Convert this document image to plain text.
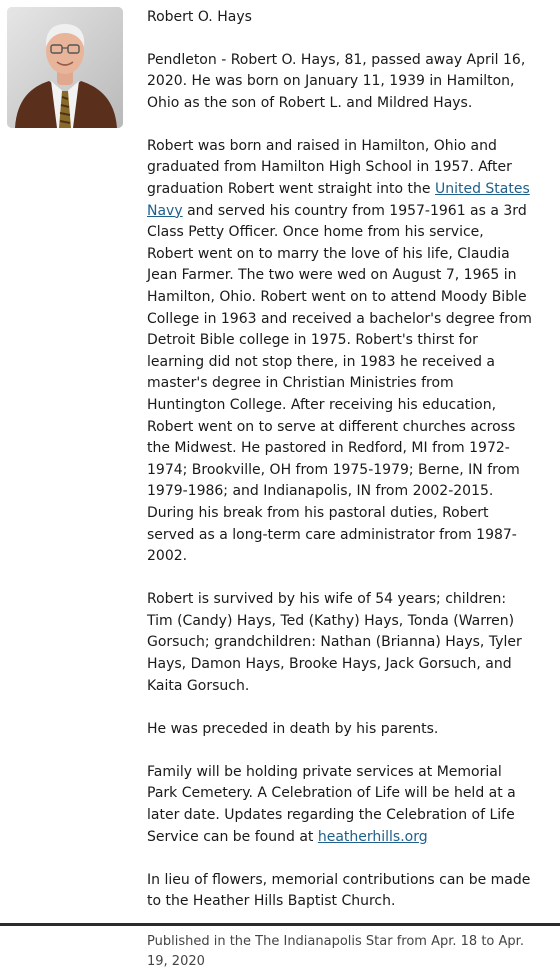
Robert O. Hays

Pendleton - Robert O. Hays, 81, passed away April 16, 2020. He was born on January 11, 1939 in Hamilton, Ohio as the son of Robert L. and Mildred Hays.

Robert was born and raised in Hamilton, Ohio and graduated from Hamilton High School in 1957. After graduation Robert went straight into the United States Navy and served his country from 1957-1961 as a 3rd Class Petty Officer. Once home from his service, Robert went on to marry the love of his life, Claudia Jean Farmer. The two were wed on August 7, 1965 in Hamilton, Ohio. Robert went on to attend Moody Bible College in 1963 and received a bachelor's degree from Detroit Bible college in 1975. Robert's thirst for learning did not stop there, in 1983 he received a master's degree in Christian Ministries from Huntington College. After receiving his education, Robert went on to serve at different churches across the Midwest. He pastored in Redford, MI from 1972-1974; Brookville, OH from 1975-1979; Berne, IN from 1979-1986; and Indianapolis, IN from 2002-2015. During his break from his pastoral duties, Robert served as a long-term care administrator from 1987-2002.

Robert is survived by his wife of 54 years; children: Tim (Candy) Hays, Ted (Kathy) Hays, Tonda (Warren) Gorsuch; grandchildren: Nathan (Brianna) Hays, Tyler Hays, Damon Hays, Brooke Hays, Jack Gorsuch, and Kaita Gorsuch.

He was preceded in death by his parents.

Family will be holding private services at Memorial Park Cemetery. A Celebration of Life will be held at a later date. Updates regarding the Celebration of Life Service can be found at heatherhills.org

In lieu of flowers, memorial contributions can be made to the Heather Hills Baptist Church.

Published in the The Indianapolis Star from Apr. 18 to Apr. 19, 2020
